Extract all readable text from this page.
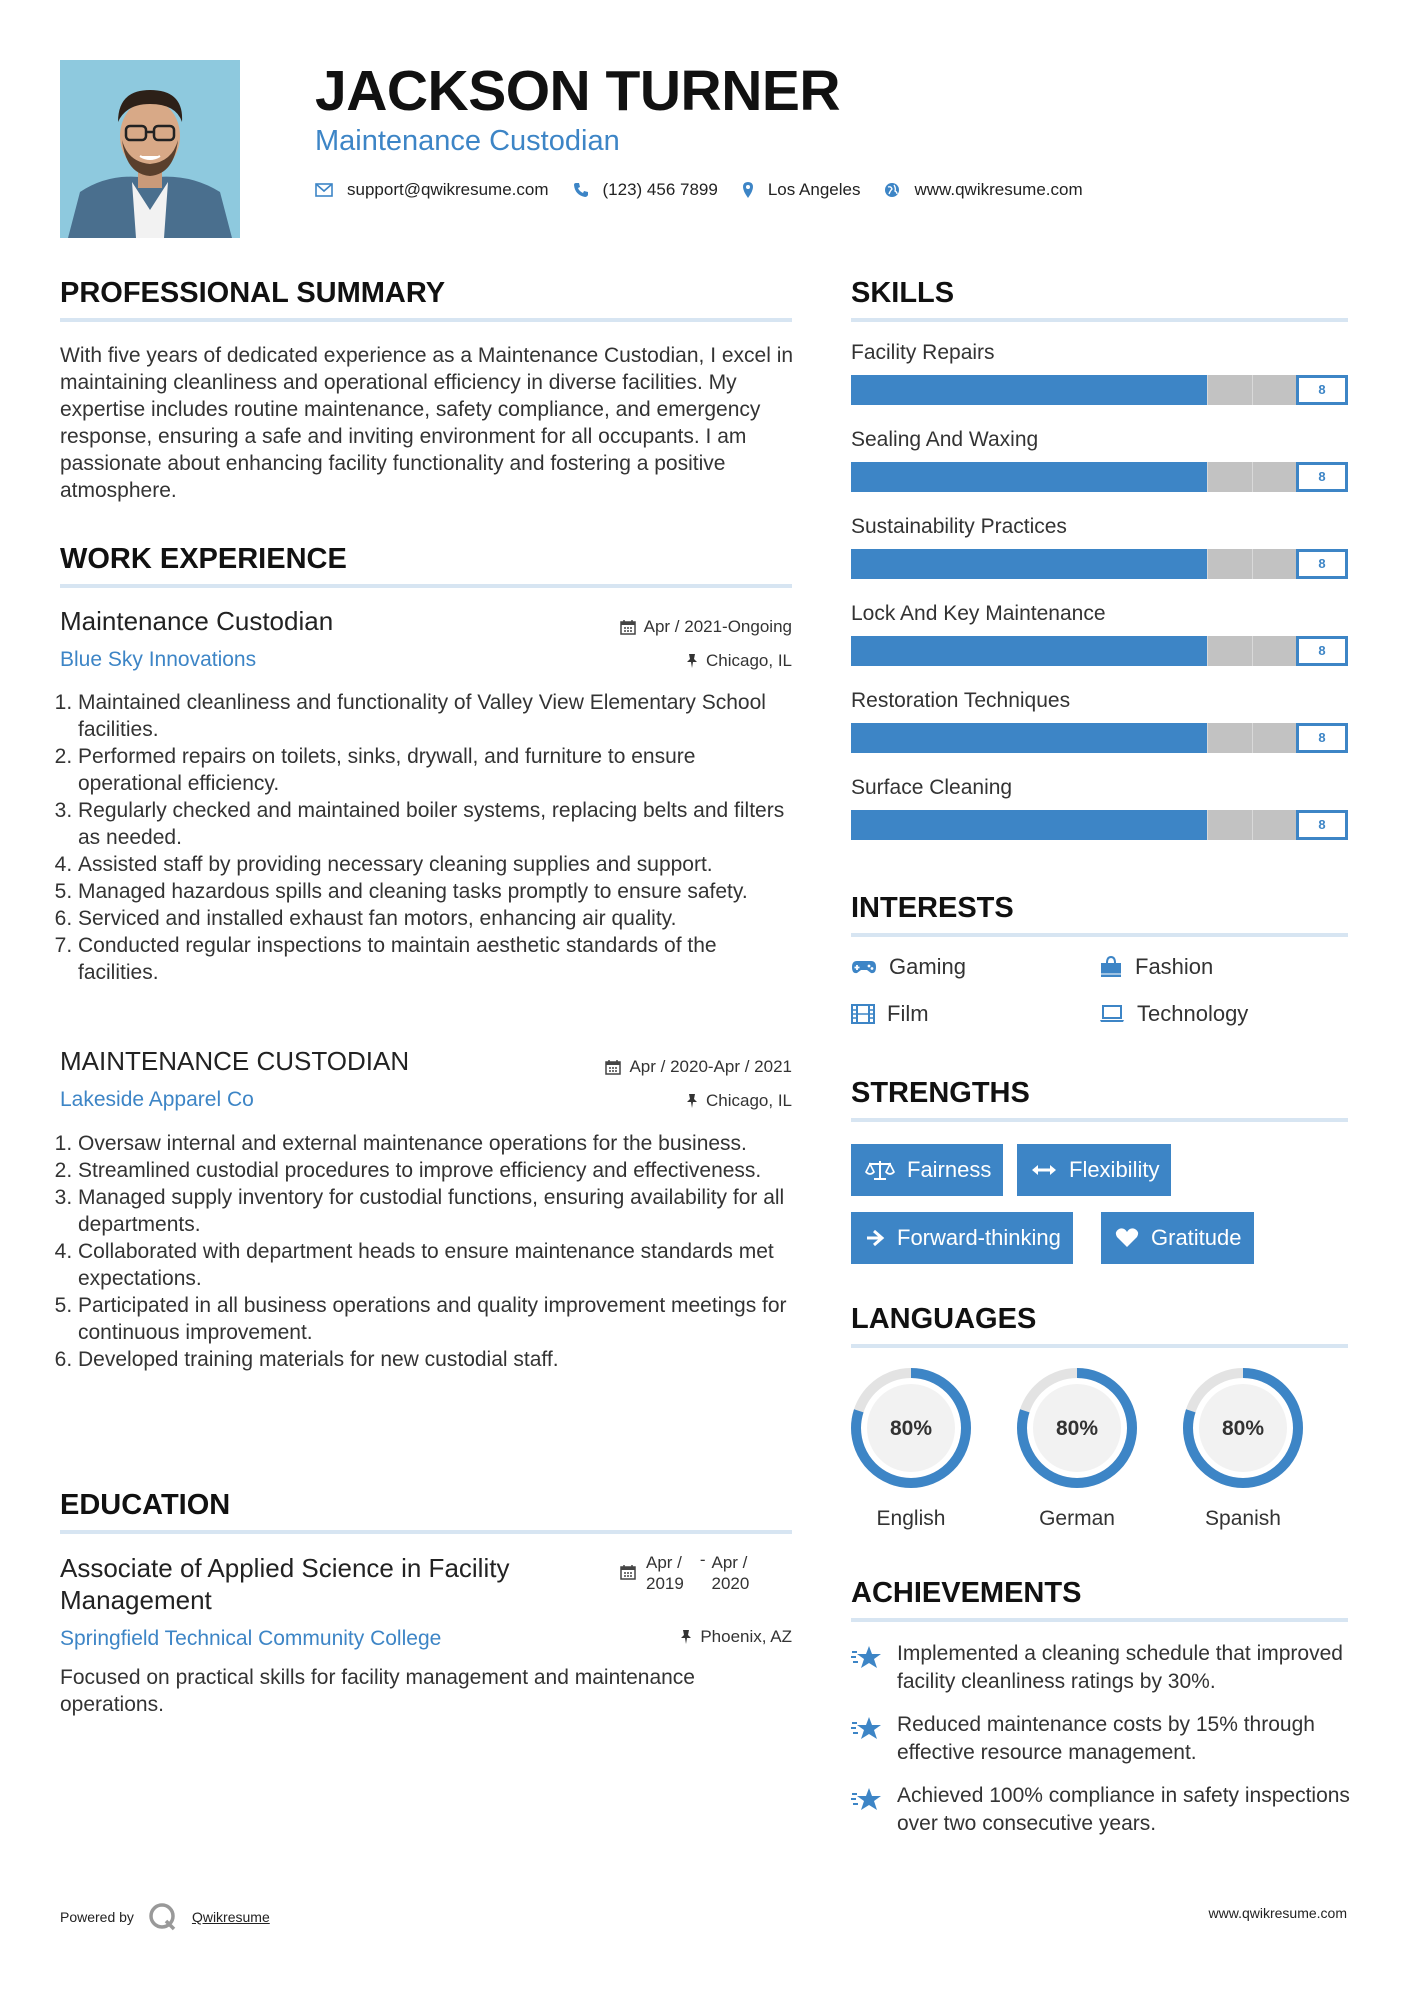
JACKSON TURNER
Maintenance Custodian
support@qwikresume.com	(123) 456 7899	Los Angeles	www.qwikresume.com
PROFESSIONAL SUMMARY
With five years of dedicated experience as a Maintenance Custodian, I excel in maintaining cleanliness and operational efficiency in diverse facilities. My expertise includes routine maintenance, safety compliance, and emergency response, ensuring a safe and inviting environment for all occupants. I am passionate about enhancing facility functionality and fostering a positive atmosphere.
WORK EXPERIENCE
Maintenance Custodian
Blue Sky Innovations
Apr / 2021-Ongoing
Chicago, IL
1. Maintained cleanliness and functionality of Valley View Elementary School facilities.
2. Performed repairs on toilets, sinks, drywall, and furniture to ensure operational efficiency.
3. Regularly checked and maintained boiler systems, replacing belts and filters as needed.
4. Assisted staff by providing necessary cleaning supplies and support.
5. Managed hazardous spills and cleaning tasks promptly to ensure safety.
6. Serviced and installed exhaust fan motors, enhancing air quality.
7. Conducted regular inspections to maintain aesthetic standards of the facilities.
MAINTENANCE CUSTODIAN
Lakeside Apparel Co
Apr / 2020-Apr / 2021
Chicago, IL
1. Oversaw internal and external maintenance operations for the business.
2. Streamlined custodial procedures to improve efficiency and effectiveness.
3. Managed supply inventory for custodial functions, ensuring availability for all departments.
4. Collaborated with department heads to ensure maintenance standards met expectations.
5. Participated in all business operations and quality improvement meetings for continuous improvement.
6. Developed training materials for new custodial staff.
EDUCATION
Associate of Applied Science in Facility Management
Springfield Technical Community College
Apr /
2019
- Apr /
2020
Phoenix, AZ
Focused on practical skills for facility management and maintenance operations.
SKILLS
Facility Repairs
8
Sealing And Waxing
8
Sustainability Practices
8
Lock And Key Maintenance
8
Restoration Techniques
8
Surface Cleaning
8
INTERESTS
Gaming	Fashion
Film	Technology
STRENGTHS
Fairness	Flexibility
Forward-thinking	Gratitude
LANGUAGES
80%
English
80%
German
80%
Spanish
ACHIEVEMENTS
Implemented a cleaning schedule that improved facility cleanliness ratings by 30%.
Reduced maintenance costs by 15% through effective resource management.
Achieved 100% compliance in safety inspections over two consecutive years.
Powered by	Qwikresume	www.qwikresume.com
